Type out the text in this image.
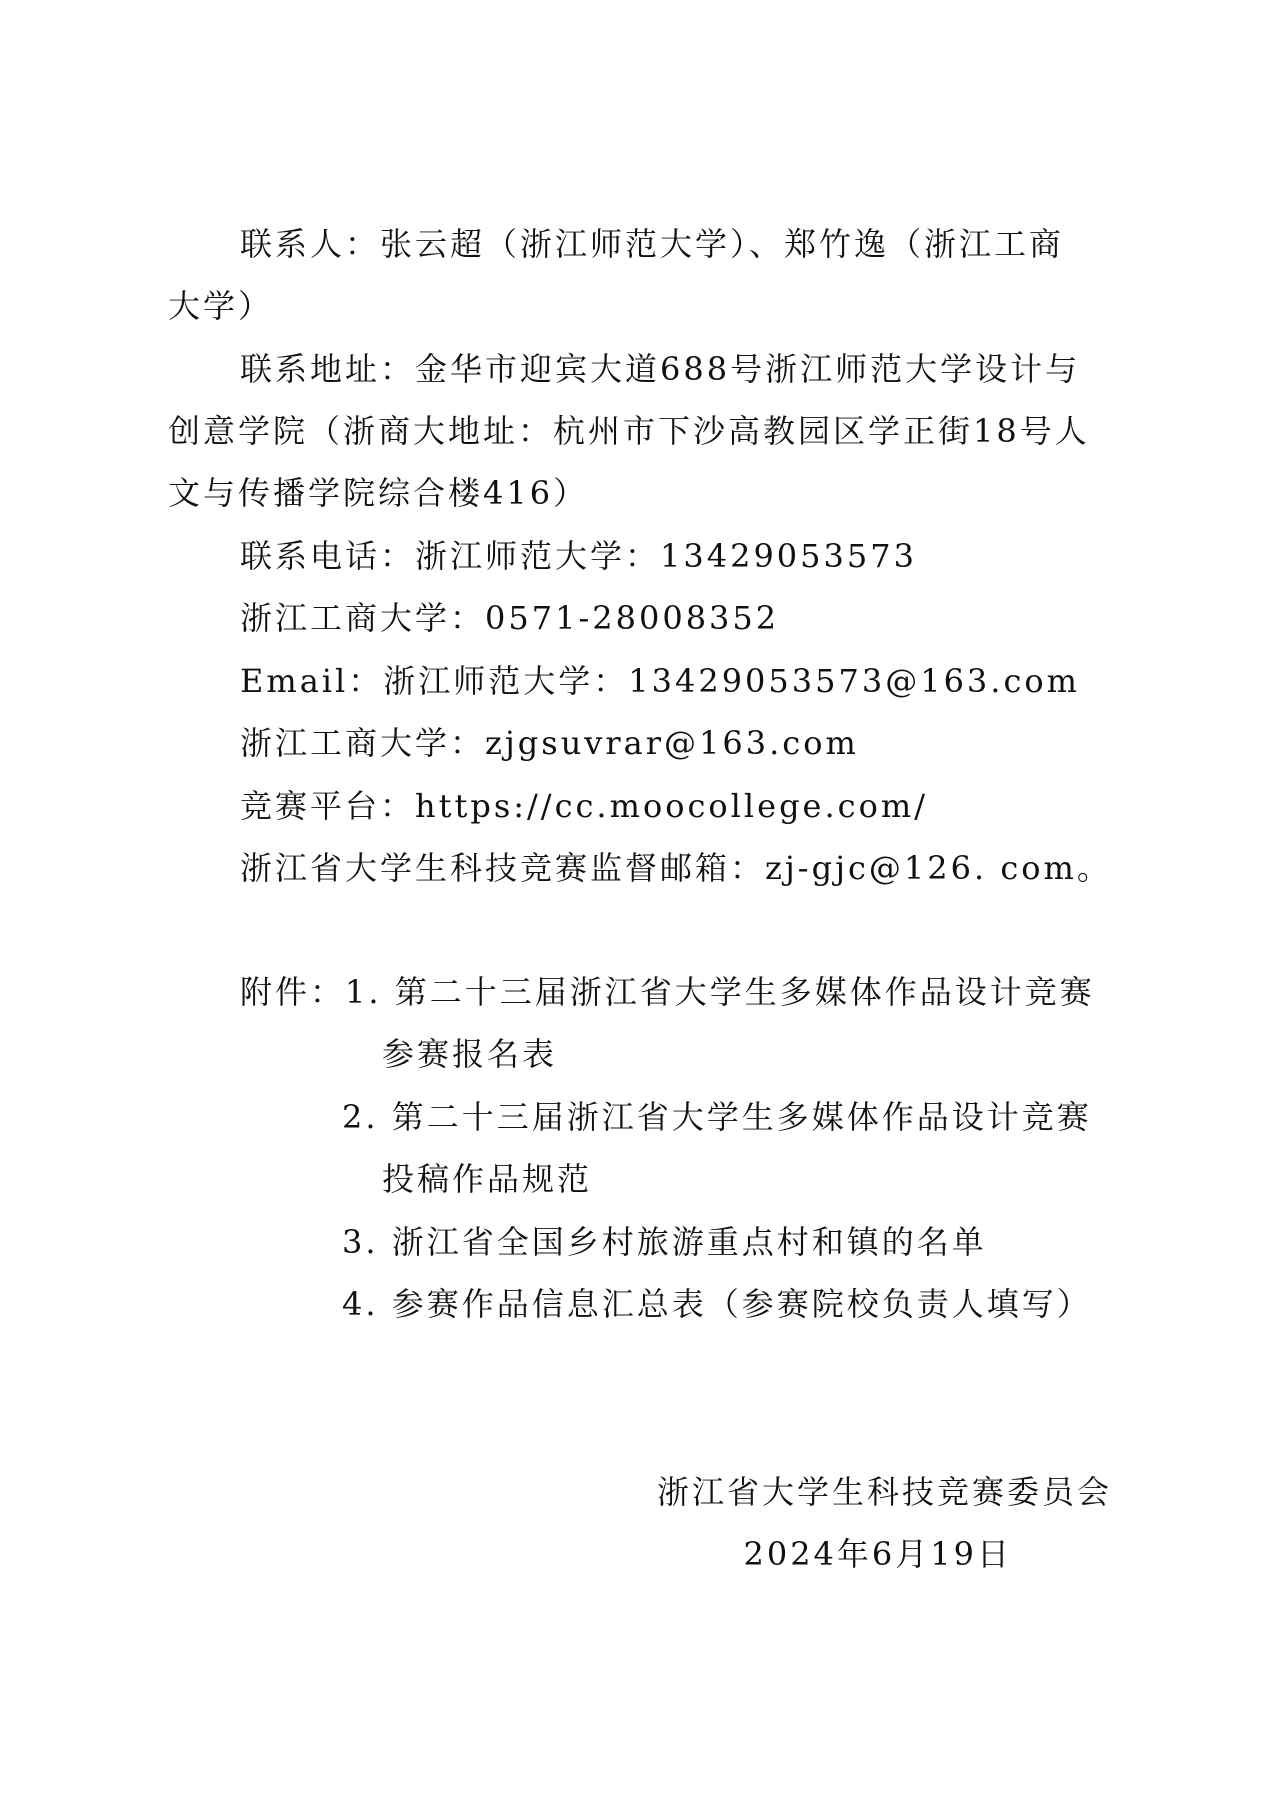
联系人：张云超（浙江师范大学）、郑竹逸（浙江工商
大学）
联系地址：金华市迎宾大道688号浙江师范大学设计与
创意学院（浙商大地址：杭州市下沙高教园区学正街18号人
文与传播学院综合楼416）
联系电话：浙江师范大学：13429053573
浙江工商大学：0571-28008352
Email：浙江师范大学：13429053573@163.com
浙江工商大学：zjgsuvrar@163.com
竞赛平台：https://cc.moocollege.com/
浙江省大学生科技竞赛监督邮箱：zj-gjc@126. com。
附件：1. 第二十三届浙江省大学生多媒体作品设计竞赛
参赛报名表
2. 第二十三届浙江省大学生多媒体作品设计竞赛
投稿作品规范
3. 浙江省全国乡村旅游重点村和镇的名单
4. 参赛作品信息汇总表（参赛院校负责人填写）
浙江省大学生科技竞赛委员会
2024年6月19日
